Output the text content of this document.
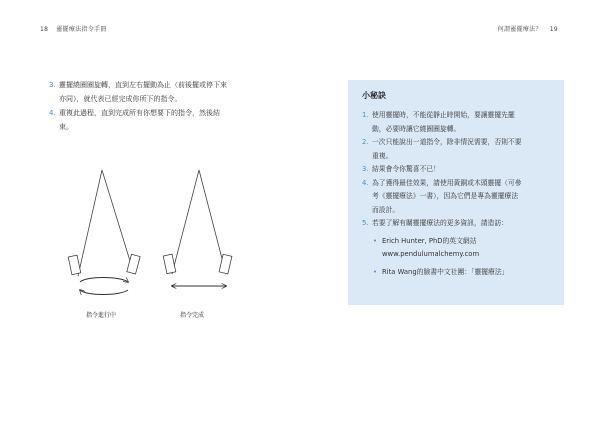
18 靈擺療法指令手冊	何謂靈擺療法？ 19
3. 靈擺繞圈圈旋轉，直到左右擺動為止（前後擺或停下來
亦同），就代表已經完成你所下的指令。
4. 重複此過程，直到完成所有你想要下的指令，然後結
束。
指令進行中	指令完成
小秘訣
1. 使用靈擺時，不能從靜止時開始，要讓靈擺先擺
動，必要時讓它繞圈圈旋轉。
2. 一次只能說出一道指令，除非情況需要，否則不要
重複。
3. 結果會令你驚喜不已！
4. 為了獲得最佳效果，請使用黃銅或木頭靈擺（可參
考《靈擺療法》一書），因為它們是專為靈擺療法
而設計。
5. 若要了解有關靈擺療法的更多資訊，請造訪：
• Erich Hunter, PhD的英文網站
www.pendulumalchemy.com
• Rita Wang的臉書中文社團：「靈擺療法」
